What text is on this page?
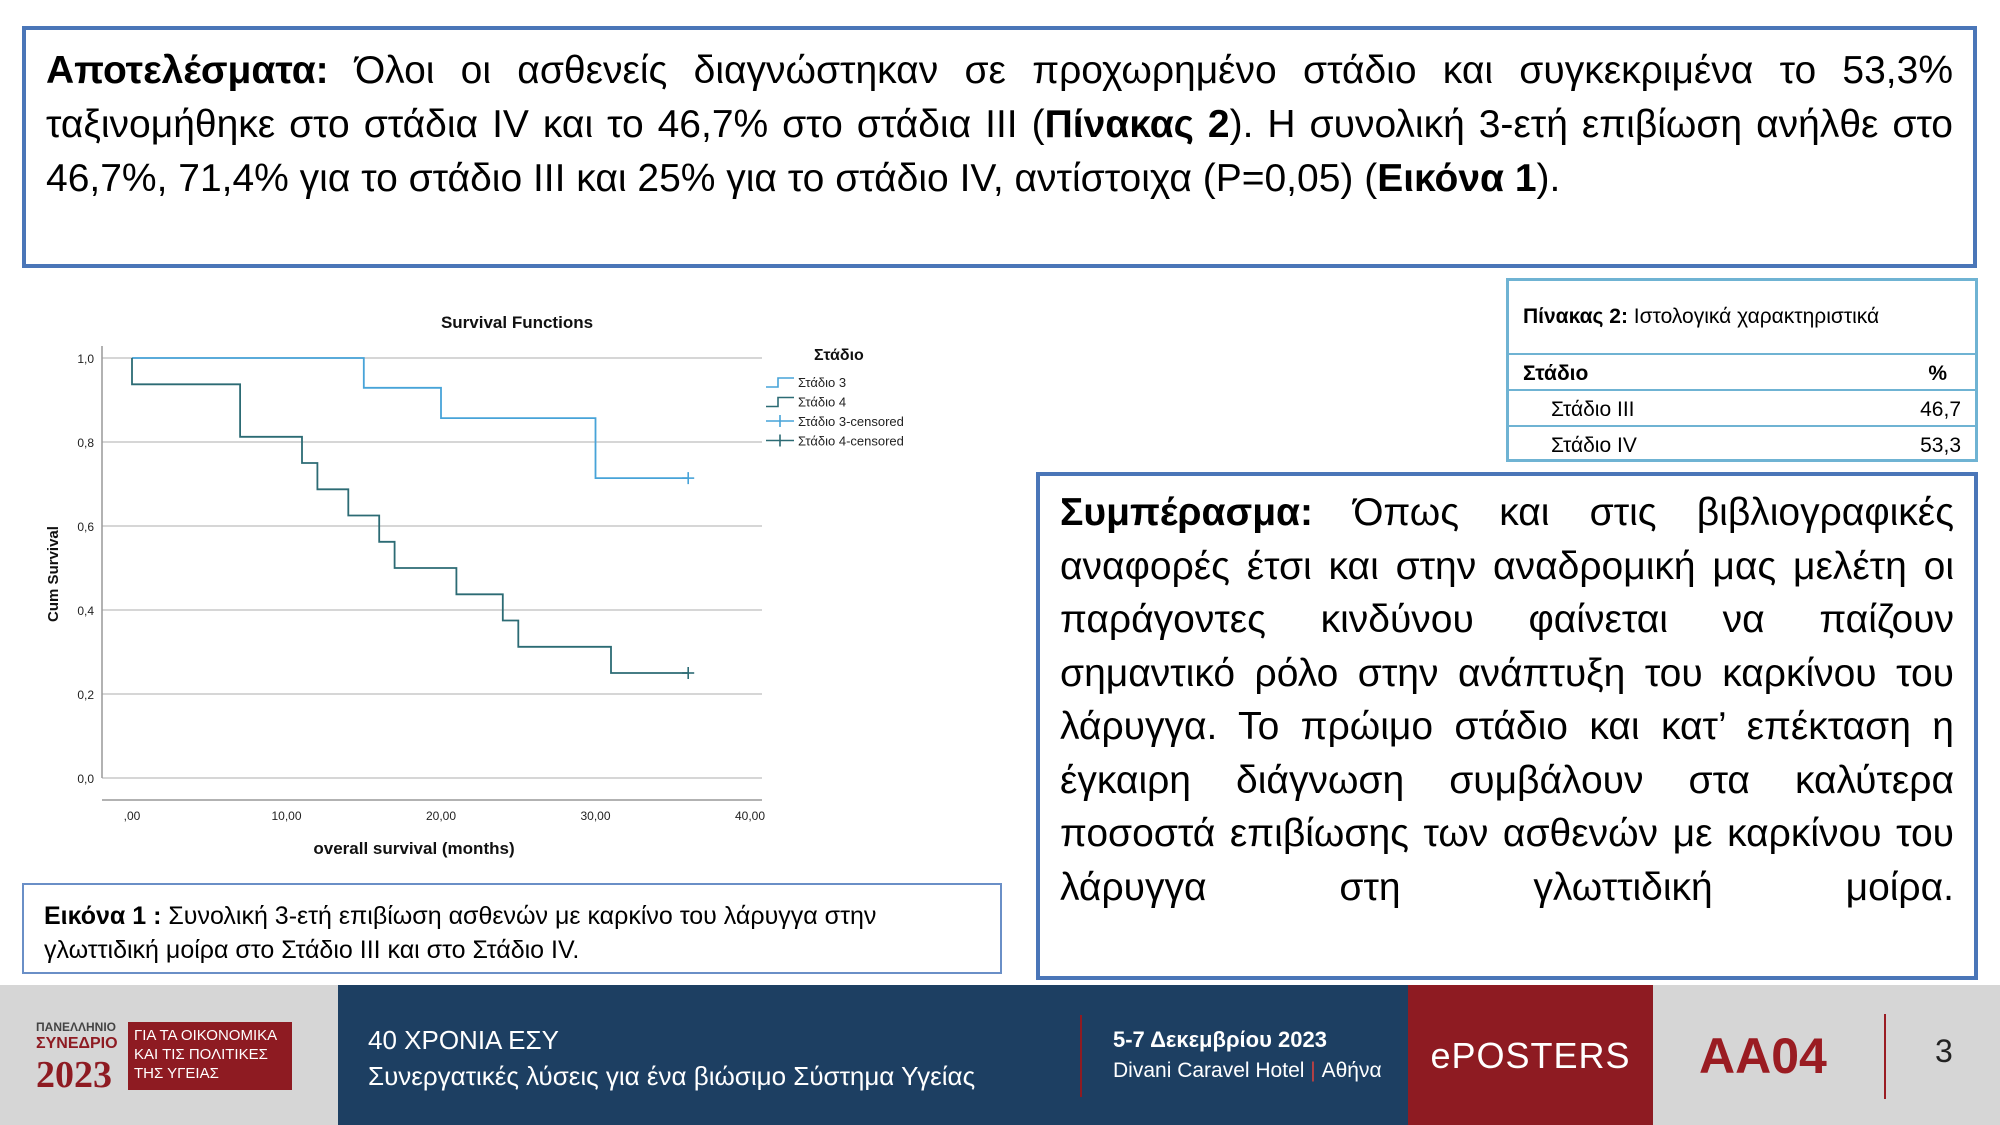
Αποτελέσματα: Όλοι οι ασθενείς διαγνώστηκαν σε προχωρημένο στάδιο και συγκεκριμένα το 53,3% ταξινομήθηκε στο στάδια IV και το 46,7% στο στάδια III (Πίνακας 2). Η συνολική 3-ετή επιβίωση ανήλθε στο 46,7%, 71,4% για το στάδιο III και 25% για το στάδιο IV, αντίστοιχα (P=0,05) (Εικόνα 1).

0,0
0,2
0,4
0,6
0,8
1,0
,00	10,00	20,00	30,00	40,00
Στάδιο 3
Στάδιο 4
Στάδιο 3-censored
Στάδιο 4-censored
Survival Functions
overall survival (months)
Cum Survival
Στάδιο

Εικόνα 1 : Συνολική 3-ετή επιβίωση ασθενών με καρκίνο του λάρυγγα στην γλωττιδική μοίρα στο Στάδιο III και στο Στάδιο IV.

Πίνακας 2: Ιστολογικά χαρακτηριστικά
Στάδιο	%
Στάδιο III	46,7
Στάδιο IV	53,3

Συμπέρασμα: Όπως και στις βιβλιογραφικές αναφορές έτσι και στην αναδρομική μας μελέτη οι παράγοντες κινδύνου φαίνεται να παίζουν σημαντικό ρόλο στην ανάπτυξη του καρκίνου του λάρυγγα. Το πρώιμο στάδιο και κατ’ επέκταση η έγκαιρη διάγνωση συμβάλουν στα καλύτερα ποσοστά επιβίωσης των ασθενών με καρκίνου του λάρυγγα στη γλωττιδική μοίρα.

ΠΑΝΕΛΛΗΝΙΟ
ΣΥΝΕΔΡΙΟ
2023
ΓΙΑ ΤΑ ΟΙΚΟΝΟΜΙΚΑ
ΚΑΙ ΤΙΣ ΠΟΛΙΤΙΚΕΣ
ΤΗΣ ΥΓΕΙΑΣ
40 ΧΡΟΝΙΑ ΕΣΥ
Συνεργατικές λύσεις για ένα βιώσιμο Σύστημα Υγείας
5-7 Δεκεμβρίου 2023
Divani Caravel Hotel | Αθήνα	ePOSTERS	AA04	3
